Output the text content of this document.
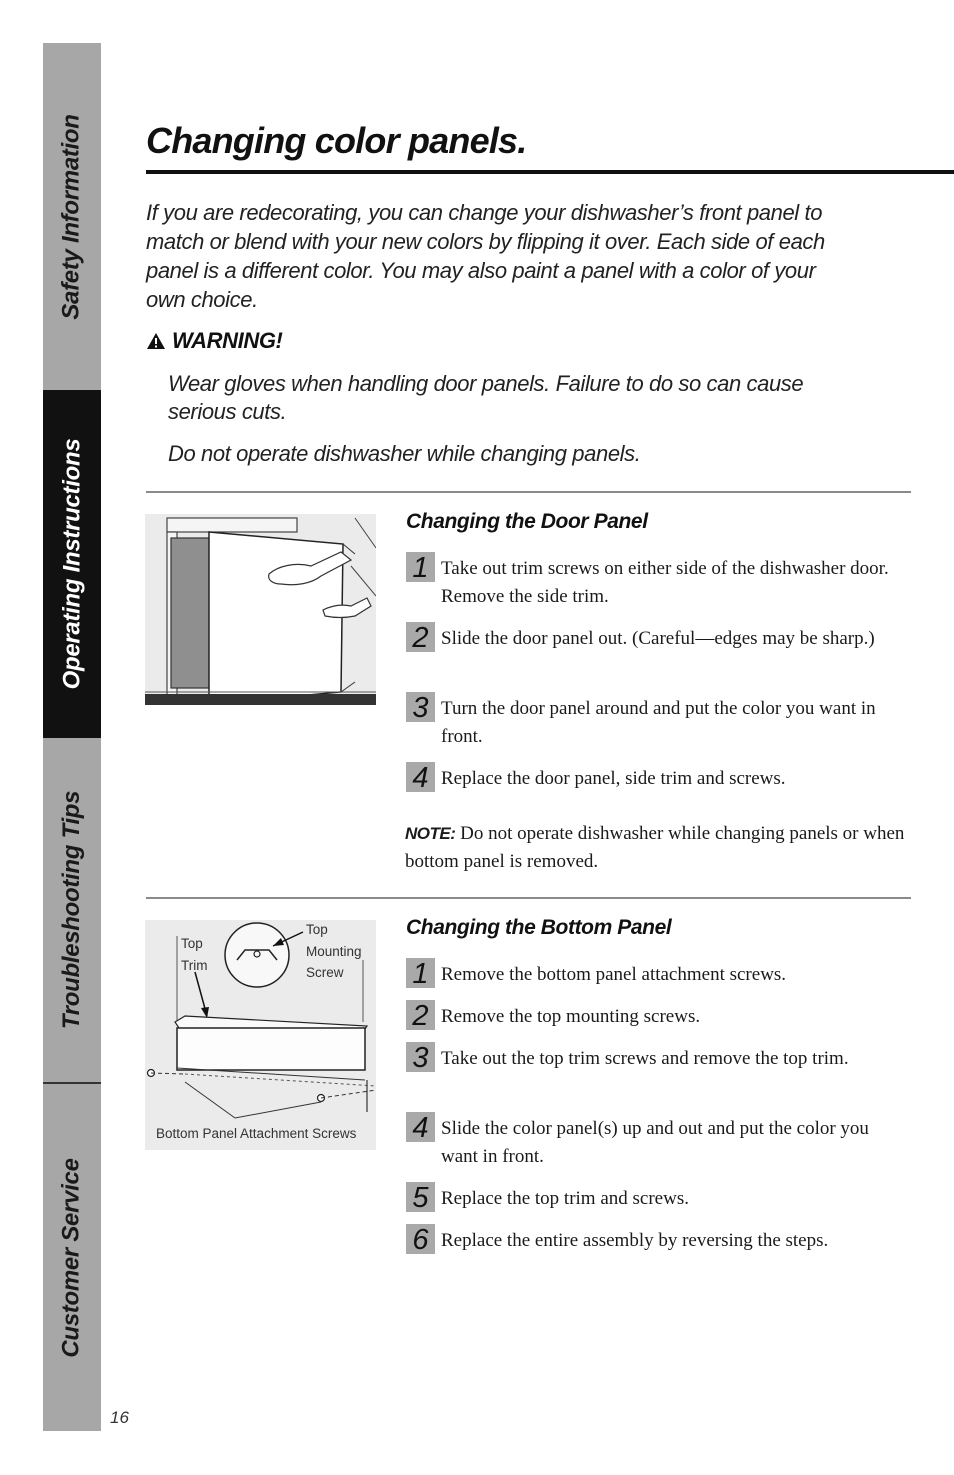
Safety Information
Operating Instructions
Troubleshooting Tips
Customer Service
Changing color panels.

If you are redecorating, you can change your dishwasher’s front panel to match or blend with your new colors by flipping it over. Each side of each panel is a different color. You may also paint a panel with a color of your own choice.

WARNING!

Wear gloves when handling door panels. Failure to do so can cause serious cuts.

Do not operate dishwasher while changing panels.

Changing the Door Panel
1 Take out trim screws on either side of the dishwasher door. Remove the side trim.
2 Slide the door panel out. (Careful—edges may be sharp.)
3 Turn the door panel around and put the color you want in front.
4 Replace the door panel, side trim and screws.

NOTE: Do not operate dishwasher while changing panels or when bottom panel is removed.

Top
Trim
Top
Mounting
Screw
Bottom Panel Attachment Screws
Changing the Bottom Panel
1 Remove the bottom panel attachment screws.
2 Remove the top mounting screws.
3 Take out the top trim screws and remove the top trim.
4 Slide the color panel(s) up and out and put the color you want in front.
5 Replace the top trim and screws.
6 Replace the entire assembly by reversing the steps.
16
